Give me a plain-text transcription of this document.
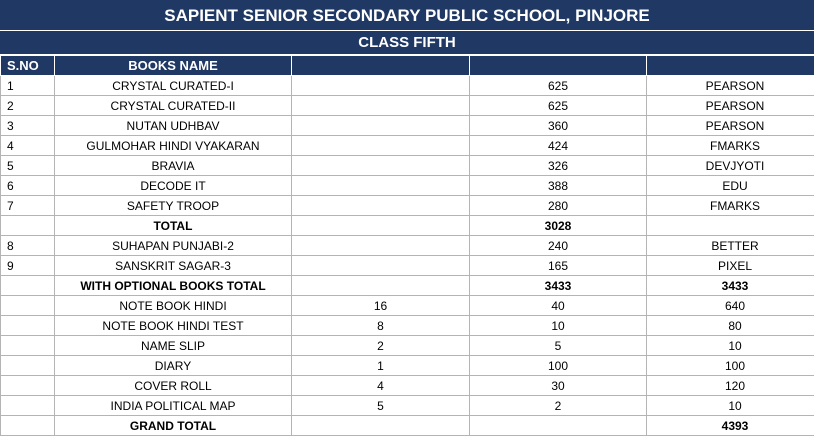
SAPIENT SENIOR SECONDARY PUBLIC SCHOOL, PINJORE
CLASS FIFTH
S.NO	BOOKS NAME			
1	CRYSTAL CURATED-I		625	PEARSON
2	CRYSTAL CURATED-II		625	PEARSON
3	NUTAN UDHBAV		360	PEARSON
4	GULMOHAR HINDI VYAKARAN		424	FMARKS
5	BRAVIA		326	DEVJYOTI
6	DECODE IT		388	EDU
7	SAFETY TROOP		280	FMARKS
	TOTAL		3028	
8	SUHAPAN PUNJABI-2		240	BETTER
9	SANSKRIT SAGAR-3		165	PIXEL
	WITH OPTIONAL BOOKS TOTAL		3433	3433
	NOTE BOOK HINDI	16	40	640
	NOTE BOOK HINDI TEST	8	10	80
	NAME SLIP	2	5	10
	DIARY	1	100	100
	COVER ROLL	4	30	120
	INDIA POLITICAL MAP	5	2	10
	GRAND TOTAL			4393
